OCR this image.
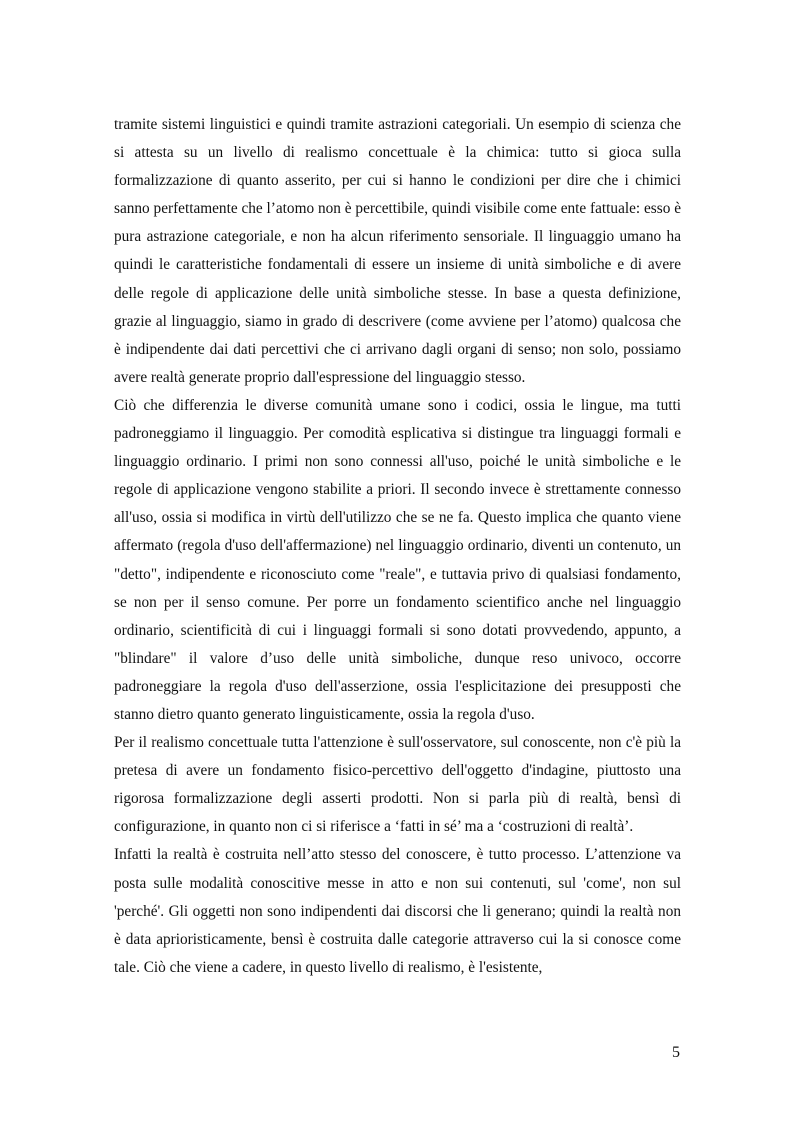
tramite sistemi linguistici e quindi tramite astrazioni categoriali. Un esempio di scienza che si attesta su un livello di realismo concettuale è la chimica: tutto si gioca sulla formalizzazione di quanto asserito, per cui si hanno le condizioni per dire che i chimici sanno perfettamente che l’atomo non è percettibile, quindi visibile come ente fattuale: esso è pura astrazione categoriale, e non ha alcun riferimento sensoriale. Il linguaggio umano ha quindi le caratteristiche fondamentali di essere un insieme di unità simboliche e di avere delle regole di applicazione delle unità simboliche stesse. In base a questa definizione, grazie al linguaggio, siamo in grado di descrivere (come avviene per l’atomo) qualcosa che è indipendente dai dati percettivi che ci arrivano dagli organi di senso; non solo, possiamo avere realtà generate proprio dall'espressione del linguaggio stesso.

Ciò che differenzia le diverse comunità umane sono i codici, ossia le lingue, ma tutti padroneggiamo il linguaggio. Per comodità esplicativa si distingue tra linguaggi formali e linguaggio ordinario. I primi non sono connessi all'uso, poiché le unità simboliche e le regole di applicazione vengono stabilite a priori. Il secondo invece è strettamente connesso all'uso, ossia si modifica in virtù dell'utilizzo che se ne fa. Questo implica che quanto viene affermato (regola d'uso dell'affermazione) nel linguaggio ordinario, diventi un contenuto, un "detto", indipendente e riconosciuto come "reale", e tuttavia privo di qualsiasi fondamento, se non per il senso comune. Per porre un fondamento scientifico anche nel linguaggio ordinario, scientificità di cui i linguaggi formali si sono dotati provvedendo, appunto, a "blindare" il valore d’uso delle unità simboliche, dunque reso univoco, occorre padroneggiare la regola d'uso dell'asserzione, ossia l'esplicitazione dei presupposti che stanno dietro quanto generato linguisticamente, ossia la regola d'uso.

Per il realismo concettuale tutta l'attenzione è sull'osservatore, sul conoscente, non c'è più la pretesa di avere un fondamento fisico-percettivo dell'oggetto d'indagine, piuttosto una rigorosa formalizzazione degli asserti prodotti. Non si parla più di realtà, bensì di configurazione, in quanto non ci si riferisce a ‘fatti in sé’ ma a ‘costruzioni di realtà’.

Infatti la realtà è costruita nell’atto stesso del conoscere, è tutto processo. L’attenzione va posta sulle modalità conoscitive messe in atto e non sui contenuti, sul 'come', non sul 'perché'. Gli oggetti non sono indipendenti dai discorsi che li generano; quindi la realtà non è data aprioristicamente, bensì è costruita dalle categorie attraverso cui la si conosce come tale. Ciò che viene a cadere, in questo livello di realismo, è l'esistente,

5
